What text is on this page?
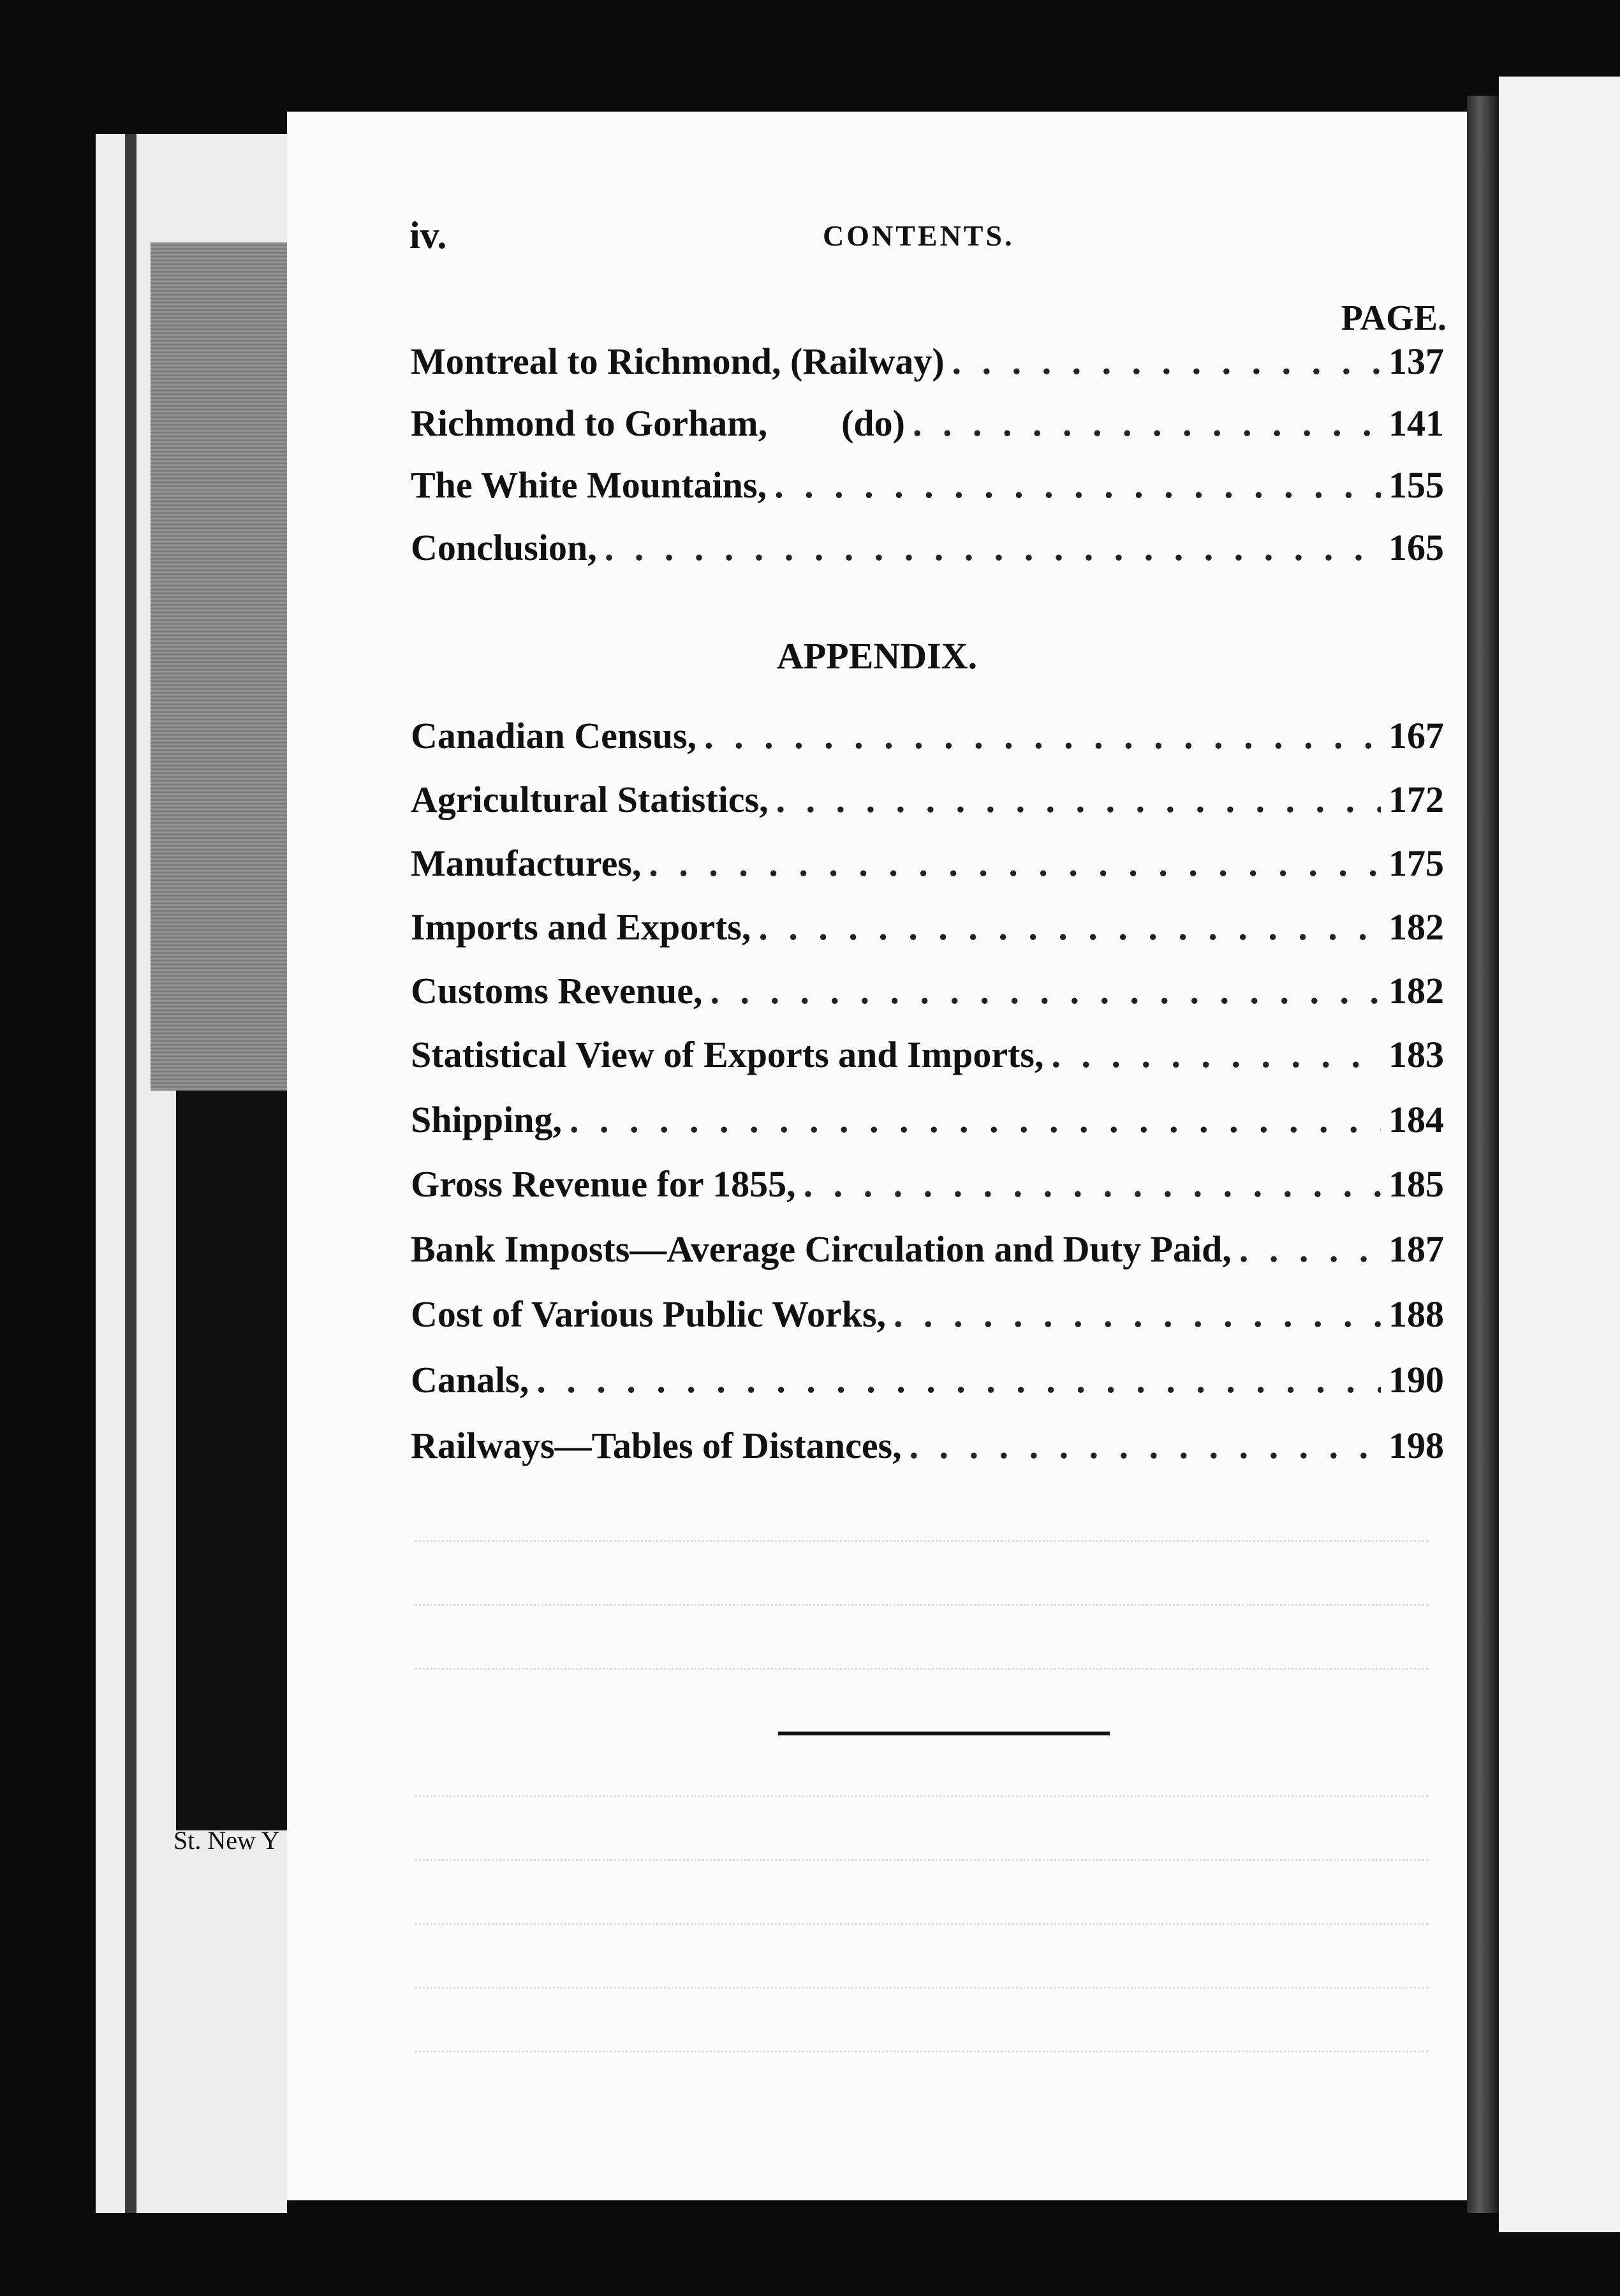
St. New Y
iv.	CONTENTS.
PAGE.
Montreal to Richmond, (Railway) . . .	137
Richmond to Gorham,        (do) . . .	141
The White Mountains, . . .	155
Conclusion, . . .	165
APPENDIX.
Canadian Census, . . .	167
Agricultural Statistics, . . .	172
Manufactures, . . .	175
Imports and Exports, . . .	182
Customs Revenue, . . .	182
Statistical View of Exports and Imports, . . .	183
Shipping, . . .	184
Gross Revenue for 1855, . . .	185
Bank Imposts—Average Circulation and Duty Paid, . . .	187
Cost of Various Public Works, . . .	188
Canals, . . .	190
Railways—Tables of Distances, . . .	198
